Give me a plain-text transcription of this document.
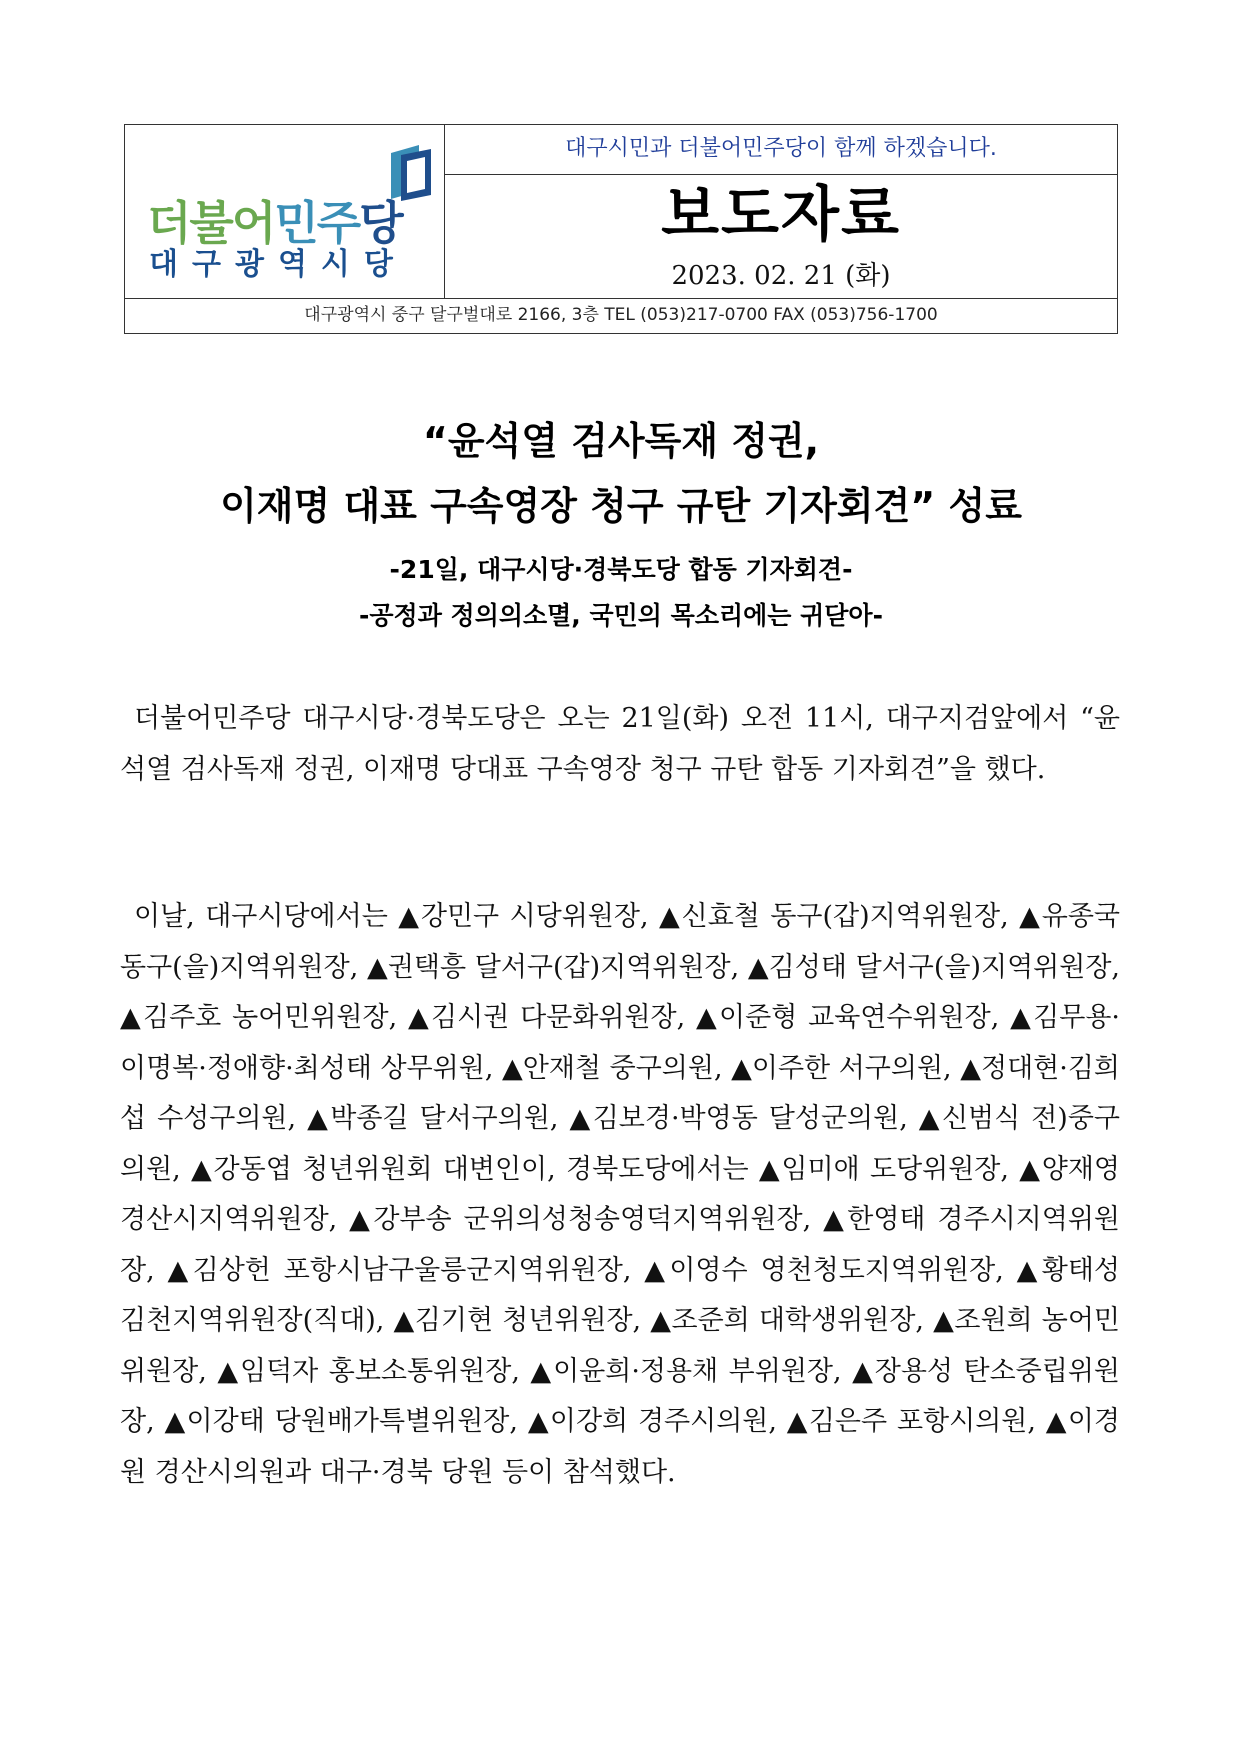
더불어민주당
대구광역시당
대구시민과 더불어민주당이 함께 하겠습니다.
보도자료
2023. 02. 21 (화)
대구광역시 중구 달구벌대로 2166, 3층 TEL (053)217-0700 FAX (053)756-1700
“윤석열 검사독재 정권,
이재명 대표 구속영장 청구 규탄 기자회견” 성료
-21일, 대구시당·경북도당 합동 기자회견-
-공정과 정의의소멸, 국민의 목소리에는 귀닫아-
더불어민주당 대구시당·경북도당은 오는 21일(화) 오전 11시, 대구지검앞에서 “윤석열 검사독재 정권, 이재명 당대표 구속영장 청구 규탄 합동 기자회견”을 했다.
이날, 대구시당에서는 ▲강민구 시당위원장, ▲신효철 동구(갑)지역위원장, ▲유종국 동구(을)지역위원장, ▲권택흥 달서구(갑)지역위원장, ▲김성태 달서구(을)지역위원장, ▲김주호 농어민위원장, ▲김시권 다문화위원장, ▲이준형 교육연수위원장, ▲김무용·이명복·정애향·최성태 상무위원, ▲안재철 중구의원, ▲이주한 서구의원, ▲정대현·김희섭 수성구의원, ▲박종길 달서구의원, ▲김보경·박영동 달성군의원, ▲신범식 전)중구의원, ▲강동엽 청년위원회 대변인이, 경북도당에서는 ▲임미애 도당위원장, ▲양재영 경산시지역위원장, ▲강부송 군위의성청송영덕지역위원장, ▲한영태 경주시지역위원장, ▲김상헌 포항시남구울릉군지역위원장, ▲이영수 영천청도지역위원장, ▲황태성 김천지역위원장(직대), ▲김기현 청년위원장, ▲조준희 대학생위원장, ▲조원희 농어민위원장, ▲임덕자 홍보소통위원장, ▲이윤희·정용채 부위원장, ▲장용성 탄소중립위원장, ▲이강태 당원배가특별위원장, ▲이강희 경주시의원, ▲김은주 포항시의원, ▲이경원 경산시의원과 대구·경북 당원 등이 참석했다.
